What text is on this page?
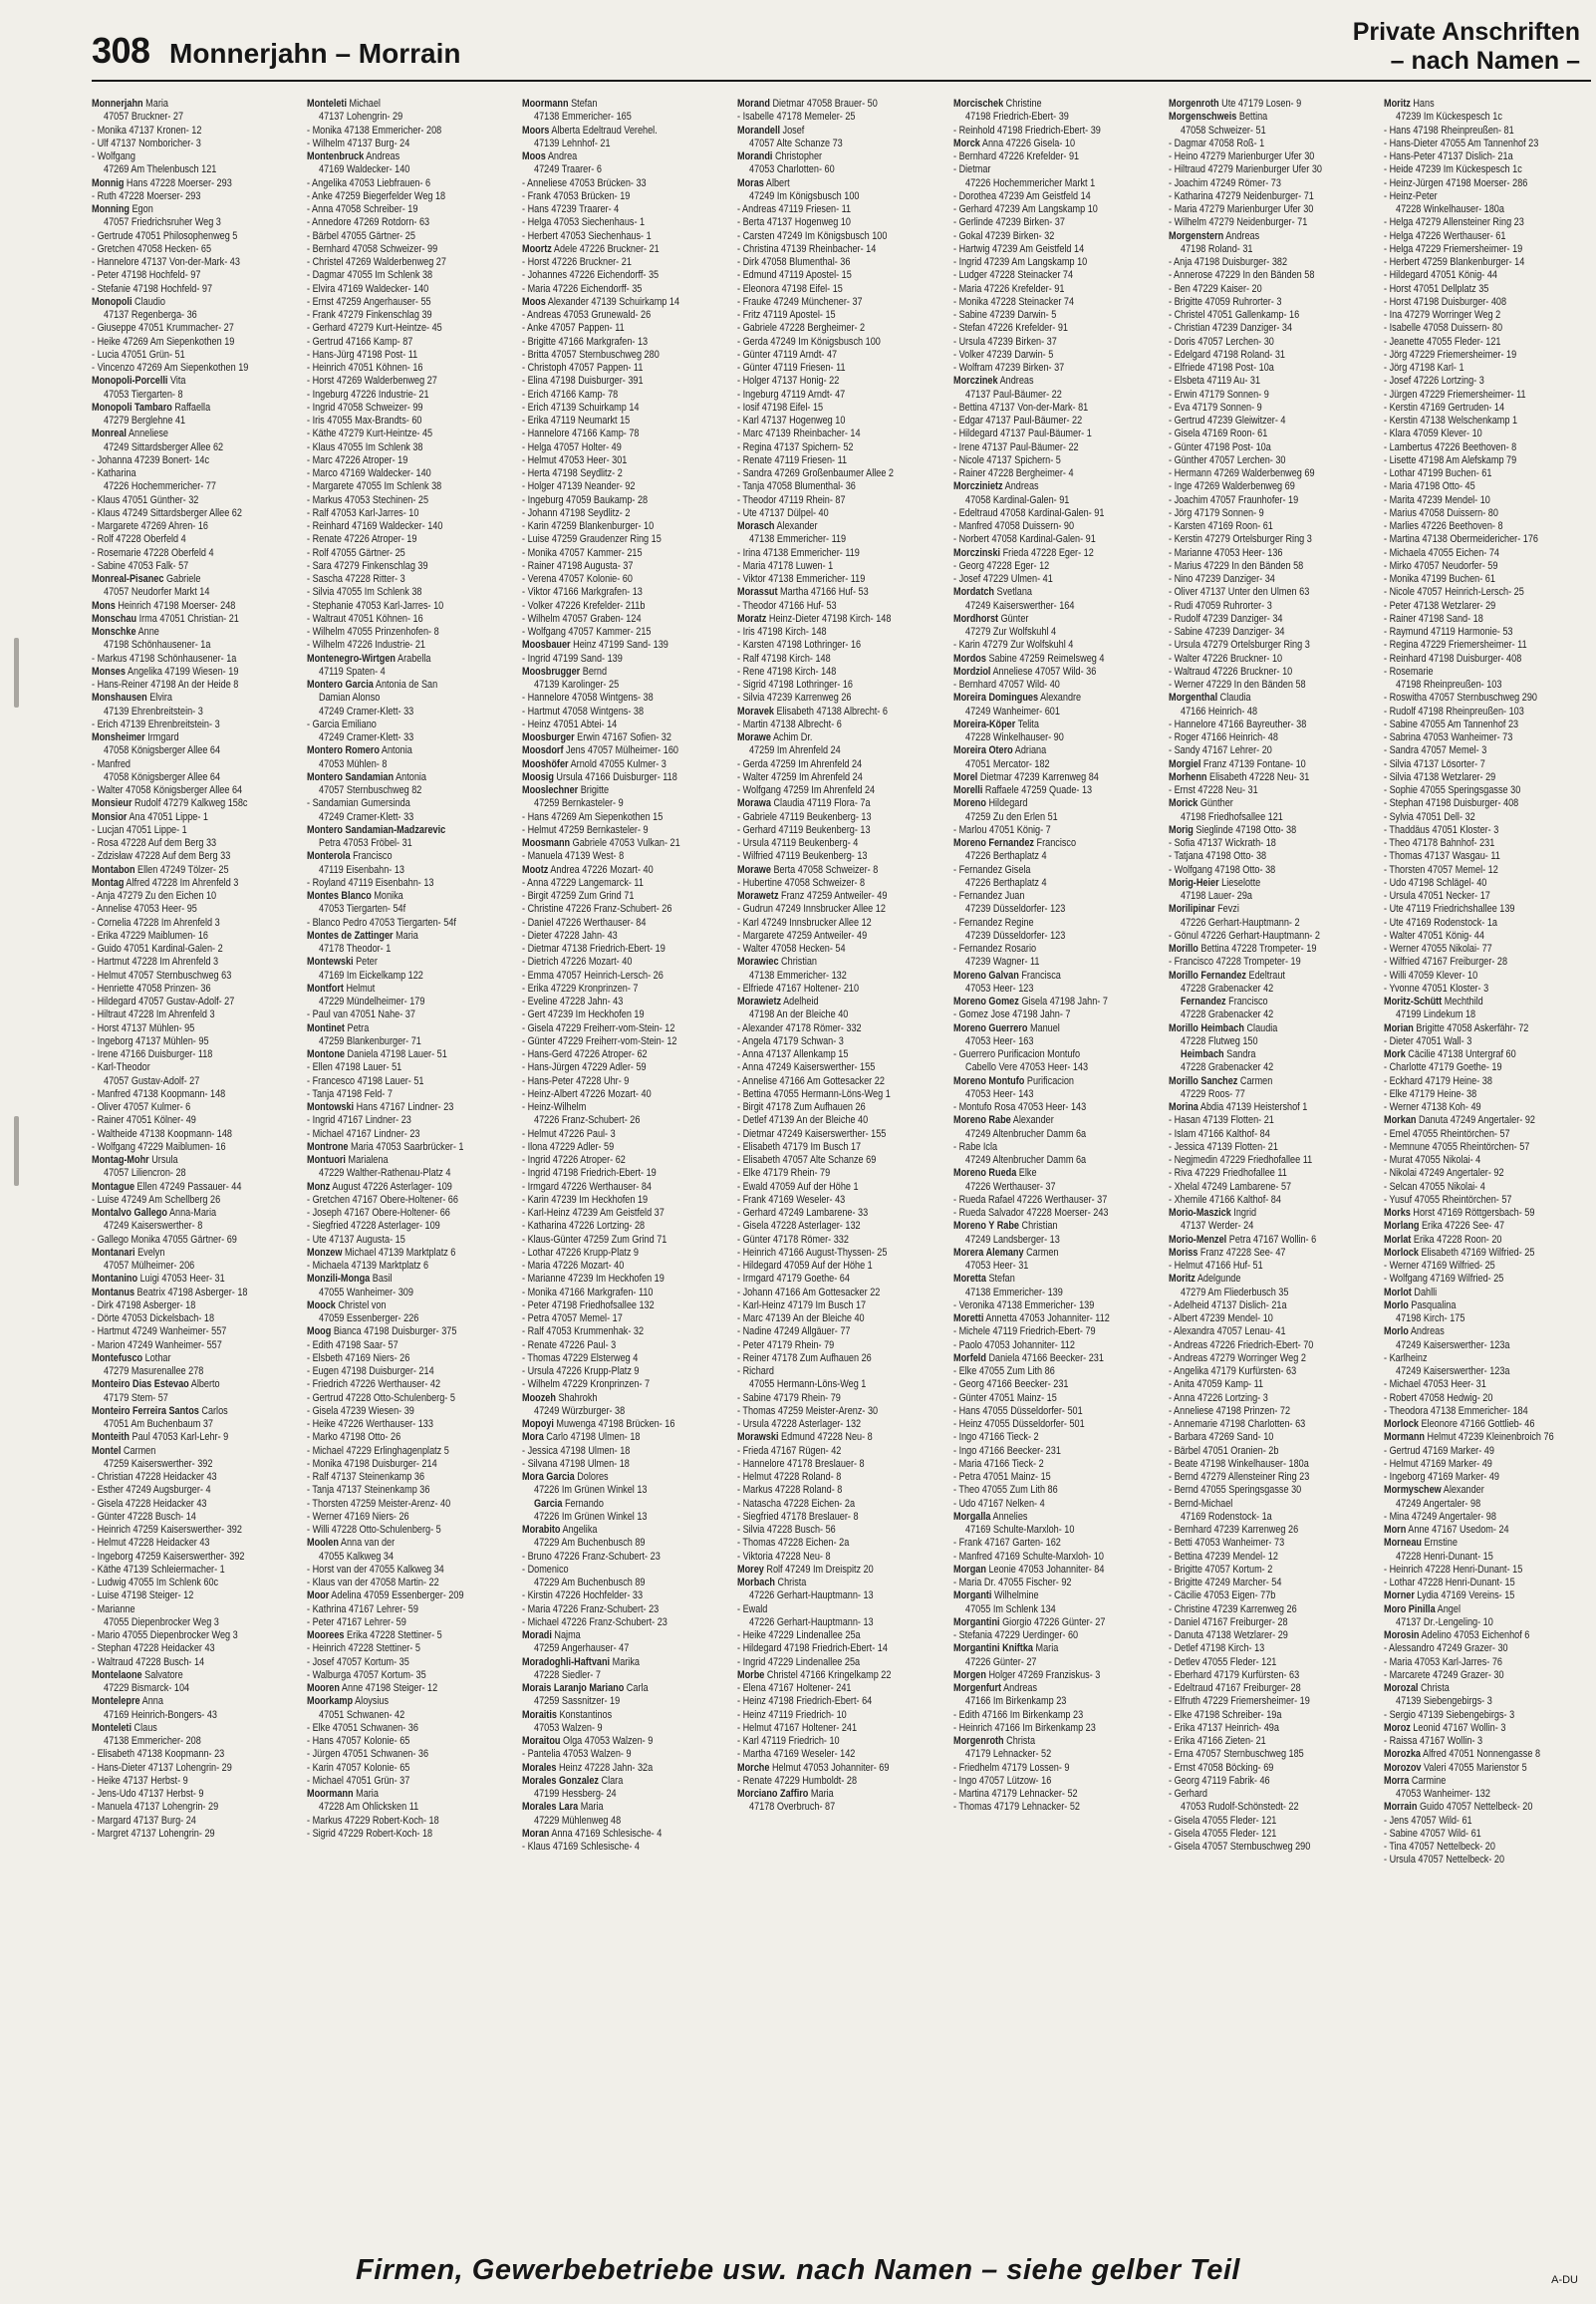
308 Monnerjahn – Morrain
Private Anschriften
– nach Namen –
Monnerjahn Maria
47057 Bruckner- 27
- Monika 47137 Kronen- 12
- Ulf 47137 Nomboricher- 3
- Wolfgang
47269 Am Thelenbusch 121
Monnig Hans 47228 Moerser- 293
- Ruth 47228 Moerser- 293
Monning Egon
47057 Friedrichsruher Weg 3
- Gertrude 47051 Philosophenweg 5
- Gretchen 47058 Hecken- 65
- Hannelore 47137 Von-der-Mark- 43
- Peter 47198 Hochfeld- 97
- Stefanie 47198 Hochfeld- 97
Monopoli Claudio
47137 Regenberga- 36
- Giuseppe 47051 Krummacher- 27
- Heike 47269 Am Siepenkothen 19
- Lucia 47051 Grün- 51
- Vincenzo 47269 Am Siepenkothen 19
Monopoli-Porcelli Vita
47053 Tiergarten- 8
Monopoli Tambaro Raffaella
47279 Berglehne 41
Monreal Anneliese
47249 Sittardsberger Allee 62
- Johanna 47239 Bonert- 14c
- Katharina
47226 Hochemmericher- 77
- Klaus 47051 Günther- 32
- Klaus 47249 Sittardsberger Allee 62
- Margarete 47269 Ahren- 16
- Rolf 47228 Oberfeld 4
- Rosemarie 47228 Oberfeld 4
- Sabine 47053 Falk- 57
Monreal-Pisanec Gabriele
47057 Neudorfer Markt 14
Mons Heinrich 47198 Moerser- 248
Monschau Irma 47051 Christian- 21
Monschke Anne
47198 Schönhausener- 1a
- Markus 47198 Schönhausener- 1a
Monses Angelika 47199 Wiesen- 19
- Hans-Reiner 47198 An der Heide 8
Monshausen Elvira
47139 Ehrenbreitstein- 3
- Erich 47139 Ehrenbreitstein- 3
Monsheimer Irmgard
47058 Königsberger Allee 64
- Manfred
47058 Königsberger Allee 64
- Walter 47058 Königsberger Allee 64
Monsieur Rudolf 47279 Kalkweg 158c
Monsior Ana 47051 Lippe- 1
- Lucjan 47051 Lippe- 1
- Rosa 47228 Auf dem Berg 33
- Zdzisław 47228 Auf dem Berg 33
Montabon Ellen 47249 Tölzer- 25
Montag Alfred 47228 Im Ahrenfeld 3
- Anja 47279 Zu den Eichen 10
- Annelise 47053 Heer- 95
- Cornelia 47228 Im Ahrenfeld 3
- Erika 47229 Maiblumen- 16
- Guido 47051 Kardinal-Galen- 2
- Hartmut 47228 Im Ahrenfeld 3
- Helmut 47057 Sternbuschweg 63
- Henriette 47058 Prinzen- 36
- Hildegard 47057 Gustav-Adolf- 27
- Hiltraut 47228 Im Ahrenfeld 3
- Horst 47137 Mühlen- 95
- Ingeborg 47137 Mühlen- 95
- Irene 47166 Duisburger- 118
- Karl-Theodor
47057 Gustav-Adolf- 27
- Manfred 47138 Koopmann- 148
- Oliver 47057 Kulmer- 6
- Rainer 47051 Kölner- 49
- Waltheide 47138 Koopmann- 148
- Wolfgang 47229 Maiblumen- 16
Montag-Mohr Ursula
47057 Liliencron- 28
Montague Ellen 47249 Passauer- 44
- Luise 47249 Am Schellberg 26
Montalvo Gallego Anna-Maria
47249 Kaiserswerther- 8
- Gallego Monika 47055 Gärtner- 69
Montanari Evelyn
47057 Mülheimer- 206
Montanino Luigi 47053 Heer- 31
Montanus Beatrix 47198 Asberger- 18
- Dirk 47198 Asberger- 18
- Dörte 47053 Dickelsbach- 18
- Hartmut 47249 Wanheimer- 557
- Marion 47249 Wanheimer- 557
Montefusco Lothar
47279 Masurenallee 278
Monteiro Dias Estevao Alberto
47179 Stem- 57
Monteiro Ferreira Santos Carlos
47051 Am Buchenbaum 37
Monteith Paul 47053 Karl-Lehr- 9
Montel Carmen
47259 Kaiserswerther- 392
- Christian 47228 Heidacker 43
- Esther 47249 Augsburger- 4
- Gisela 47228 Heidacker 43
- Günter 47228 Busch- 14
- Heinrich 47259 Kaiserswerther- 392
- Helmut 47228 Heidacker 43
- Ingeborg 47259 Kaiserswerther- 392
- Käthe 47139 Schleiermacher- 1
- Ludwig 47055 Im Schlenk 60c
- Luise 47198 Steiger- 12
- Marianne
47055 Diepenbrocker Weg 3
- Mario 47055 Diepenbrocker Weg 3
- Stephan 47228 Heidacker 43
- Waltraud 47228 Busch- 14
Montelaone Salvatore
47229 Bismarck- 104
Montelepre Anna
47169 Heinrich-Bongers- 43
Monteleti Claus
47138 Emmericher- 208
- Elisabeth 47138 Koopmann- 23
- Hans-Dieter 47137 Lohengrin- 29
- Heike 47137 Herbst- 9
- Jens-Udo 47137 Herbst- 9
- Manuela 47137 Lohengrin- 29
- Margard 47137 Burg- 24
- Margret 47137 Lohengrin- 29
Monteleti Michael
47137 Lohengrin- 29
- Monika 47138 Emmericher- 208
- Wilhelm 47137 Burg- 24
Montenbruck Andreas
47169 Waldecker- 140
- Angelika 47053 Liebfrauen- 6
- Anke 47259 Biegerfelder Weg 18
- Anna 47058 Schreiber- 19
- Annedore 47269 Rotdorn- 63
- Bärbel 47055 Gärtner- 25
- Bernhard 47058 Schweizer- 99
- Christel 47269 Walderbenweg 27
- Dagmar 47055 Im Schlenk 38
- Elvira 47169 Waldecker- 140
- Ernst 47259 Angerhauser- 55
- Frank 47279 Finkenschlag 39
- Gerhard 47279 Kurt-Heintze- 45
- Gertrud 47166 Kamp- 87
- Hans-Jürg 47198 Post- 11
- Heinrich 47051 Köhnen- 16
- Horst 47269 Walderbenweg 27
- Ingeburg 47226 Industrie- 21
- Ingrid 47058 Schweizer- 99
- Iris 47055 Max-Brandts- 60
- Käthe 47279 Kurt-Heintze- 45
- Klaus 47055 Im Schlenk 38
- Marc 47226 Atroper- 19
- Marco 47169 Waldecker- 140
- Margarete 47055 Im Schlenk 38
- Markus 47053 Stechinen- 25
- Ralf 47053 Karl-Jarres- 10
- Reinhard 47169 Waldecker- 140
- Renate 47226 Atroper- 19
- Rolf 47055 Gärtner- 25
- Sara 47279 Finkenschlag 39
- Sascha 47228 Ritter- 3
- Silvia 47055 Im Schlenk 38
- Stephanie 47053 Karl-Jarres- 10
- Waltraut 47051 Köhnen- 16
- Wilhelm 47055 Prinzenhofen- 8
- Wilhelm 47226 Industrie- 21
Montenegro-Wirtgen Arabella
47119 Spaten- 4
Montero Garcia Antonia de San
Damian Alonso
47249 Cramer-Klett- 33
- Garcia Emiliano
47249 Cramer-Klett- 33
Montero Romero Antonia
47053 Mühlen- 8
Montero Sandamian Antonia
47057 Sternbuschweg 82
- Sandamian Gumersinda
47249 Cramer-Klett- 33
Montero Sandamian-Madzarevic
Petra 47053 Fröbel- 31
Monterola Francisco
47119 Eisenbahn- 13
- Royland 47119 Eisenbahn- 13
Montes Blanco Monika
47053 Tiergarten- 54f
- Blanco Pedro 47053 Tiergarten- 54f
Montes de Zattinger Maria
47178 Theodor- 1
Montewski Peter
47169 Im Eickelkamp 122
Montfort Helmut
47229 Mündelheimer- 179
- Paul van 47051 Nahe- 37
Montinet Petra
47259 Blankenburger- 71
Montone Daniela 47198 Lauer- 51
- Ellen 47198 Lauer- 51
- Francesco 47198 Lauer- 51
- Tanja 47198 Feld- 7
Montowski Hans 47167 Lindner- 23
- Ingrid 47167 Lindner- 23
- Michael 47167 Lindner- 23
Montrone Maria 47053 Saarbrücker- 1
Montuori Marialena
47229 Walther-Rathenau-Platz 4
Monz August 47226 Asterlager- 109
- Gretchen 47167 Obere-Holtener- 66
- Joseph 47167 Obere-Holtener- 66
- Siegfried 47228 Asterlager- 109
- Ute 47137 Augusta- 15
Monzew Michael 47139 Marktplatz 6
- Michaela 47139 Marktplatz 6
Monzili-Monga Basil
47055 Wanheimer- 309
Moock Christel von
47059 Essenberger- 226
Moog Bianca 47198 Duisburger- 375
- Edith 47198 Saar- 57
- Elsbeth 47169 Niers- 26
- Eugen 47198 Duisburger- 214
- Friedrich 47226 Werthauser- 42
- Gertrud 47228 Otto-Schulenberg- 5
- Gisela 47239 Wiesen- 39
- Heike 47226 Werthauser- 133
- Marko 47198 Otto- 26
- Michael 47229 Erlinghagenplatz 5
- Monika 47198 Duisburger- 214
- Ralf 47137 Steinenkamp 36
- Tanja 47137 Steinenkamp 36
- Thorsten 47259 Meister-Arenz- 40
- Werner 47169 Niers- 26
- Willi 47228 Otto-Schulenberg- 5
Moolen Anna van der
47055 Kalkweg 34
- Horst van der 47055 Kalkweg 34
- Klaus van der 47058 Martin- 22
Moor Adelina 47059 Essenberger- 209
- Kathrina 47167 Lehrer- 59
- Peter 47167 Lehrer- 59
Moorees Erika 47228 Stettiner- 5
- Heinrich 47228 Stettiner- 5
- Josef 47057 Kortum- 35
- Walburga 47057 Kortum- 35
Mooren Anne 47198 Steiger- 12
Moorkamp Aloysius
47051 Schwanen- 42
- Elke 47051 Schwanen- 36
- Hans 47057 Kolonie- 65
- Jürgen 47051 Schwanen- 36
- Karin 47057 Kolonie- 65
- Michael 47051 Grün- 37
Moormann Maria
47228 Am Ohlicksken 11
- Markus 47229 Robert-Koch- 18
- Sigrid 47229 Robert-Koch- 18
Moormann Stefan
47138 Emmericher- 165
Moors Alberta Edeltraud Verehel.
47139 Lehnhof- 21
Moos Andrea
47249 Traarer- 6
- Anneliese 47053 Brücken- 33
- Frank 47053 Brücken- 19
- Hans 47239 Traarer- 4
- Helga 47053 Siechenhaus- 1
- Herbert 47053 Siechenhaus- 1
Moortz Adele 47226 Bruckner- 21
- Horst 47226 Bruckner- 21
- Johannes 47226 Eichendorff- 35
- Maria 47226 Eichendorff- 35
Moos Alexander 47139 Schuirkamp 14
- Andreas 47053 Grunewald- 26
- Anke 47057 Pappen- 11
- Brigitte 47166 Markgrafen- 13
- Britta 47057 Sternbuschweg 280
- Christoph 47057 Pappen- 11
- Elina 47198 Duisburger- 391
- Erich 47166 Kamp- 78
- Erich 47139 Schuirkamp 14
- Erika 47119 Neumarkt 15
- Hannelore 47166 Kamp- 78
- Helga 47057 Holter- 49
- Helmut 47053 Heer- 301
- Herta 47198 Seydlitz- 2
- Holger 47139 Neander- 92
- Ingeburg 47059 Baukamp- 28
- Johann 47198 Seydlitz- 2
- Karin 47259 Blankenburger- 10
- Luise 47259 Graudenzer Ring 15
- Monika 47057 Kammer- 215
- Rainer 47198 Augusta- 37
- Verena 47057 Kolonie- 60
- Viktor 47166 Markgrafen- 13
- Volker 47226 Krefelder- 211b
- Wilhelm 47057 Graben- 124
- Wolfgang 47057 Kammer- 215
Moosbauer Heinz 47199 Sand- 139
- Ingrid 47199 Sand- 139
Moosbrugger Bernd
47139 Karolinger- 25
- Hannelore 47058 Wintgens- 38
- Hartmut 47058 Wintgens- 38
- Heinz 47051 Abtei- 14
Moosburger Erwin 47167 Sofien- 32
Moosdorf Jens 47057 Mülheimer- 160
Mooshöfer Arnold 47055 Kulmer- 3
Moosig Ursula 47166 Duisburger- 118
Mooslechner Brigitte
47259 Bernkasteler- 9
- Hans 47269 Am Siepenkothen 15
- Helmut 47259 Bernkasteler- 9
Moosmann Gabriele 47053 Vulkan- 21
- Manuela 47139 West- 8
Mootz Andrea 47226 Mozart- 40
- Anna 47229 Langemarck- 11
- Birgit 47259 Zum Grind 71
- Christine 47226 Franz-Schubert- 26
- Daniel 47226 Werthauser- 84
- Dieter 47228 Jahn- 43
- Dietmar 47138 Friedrich-Ebert- 19
- Dietrich 47226 Mozart- 40
- Emma 47057 Heinrich-Lersch- 26
- Erika 47229 Kronprinzen- 7
- Eveline 47228 Jahn- 43
- Gert 47239 Im Heckhofen 19
- Gisela 47229 Freiherr-vom-Stein- 12
- Günter 47229 Freiherr-vom-Stein- 12
- Hans-Gerd 47226 Atroper- 62
- Hans-Jürgen 47229 Adler- 59
- Hans-Peter 47228 Uhr- 9
- Heinz-Albert 47226 Mozart- 40
- Heinz-Wilhelm
47226 Franz-Schubert- 26
- Helmut 47226 Paul- 3
- Ilona 47229 Adler- 59
- Ingrid 47226 Atroper- 62
- Ingrid 47198 Friedrich-Ebert- 19
- Irmgard 47226 Werthauser- 84
- Karin 47239 Im Heckhofen 19
- Karl-Heinz 47239 Am Geistfeld 37
- Katharina 47226 Lortzing- 28
- Klaus-Günter 47259 Zum Grind 71
- Lothar 47226 Krupp-Platz 9
- Maria 47226 Mozart- 40
- Marianne 47239 Im Heckhofen 19
- Monika 47166 Markgrafen- 110
- Peter 47198 Friedhofsallee 132
- Petra 47057 Memel- 17
- Ralf 47053 Krummenhak- 32
- Renate 47226 Paul- 3
- Thomas 47229 Elsterweg 4
- Ursula 47226 Krupp-Platz 9
- Wilhelm 47229 Kronprinzen- 7
Moozeh Shahrokh
47249 Würzburger- 38
Mopoyi Muwenga 47198 Brücken- 16
Mora Carlo 47198 Ulmen- 18
- Jessica 47198 Ulmen- 18
- Silvana 47198 Ulmen- 18
Mora Garcia Dolores
47226 Im Grünen Winkel 13
Garcia Fernando
47226 Im Grünen Winkel 13
Morabito Angelika
47229 Am Buchenbusch 89
- Bruno 47226 Franz-Schubert- 23
- Domenico
47229 Am Buchenbusch 89
- Kirstin 47226 Hochfelder- 33
- Maria 47226 Franz-Schubert- 23
- Michael 47226 Franz-Schubert- 23
Moradi Najma
47259 Angerhauser- 47
Moradoghli-Haftvani Marika
47228 Siedler- 7
Morais Laranjo Mariano Carla
47259 Sassnitzer- 19
Moraitis Konstantinos
47053 Walzen- 9
Moraitou Olga 47053 Walzen- 9
- Pantelia 47053 Walzen- 9
Morales Heinz 47228 Jahn- 32a
Morales Gonzalez Clara
47199 Hessberg- 24
Morales Lara Maria
47229 Mühlenweg 48
Moran Anna 47169 Schlesische- 4
- Klaus 47169 Schlesische- 4
Morand Dietmar 47058 Brauer- 50
- Isabelle 47178 Memeler- 25
Morandell Josef
47057 Alte Schanze 73
Morandi Christopher
47053 Charlotten- 60
Moras Albert
47249 Im Königsbusch 100
- Andreas 47119 Friesen- 11
- Berta 47137 Hogenweg 10
- Carsten 47249 Im Königsbusch 100
- Christina 47139 Rheinbacher- 14
- Dirk 47058 Blumenthal- 36
- Edmund 47119 Apostel- 15
- Eleonora 47198 Eifel- 15
- Frauke 47249 Münchener- 37
- Fritz 47119 Apostel- 15
- Gabriele 47228 Bergheimer- 2
- Gerda 47249 Im Königsbusch 100
- Günter 47119 Arndt- 47
- Günter 47119 Friesen- 11
- Holger 47137 Honig- 22
- Ingeburg 47119 Arndt- 47
- Iosif 47198 Eifel- 15
- Karl 47137 Hogenweg 10
- Marc 47139 Rheinbacher- 14
- Regina 47137 Spichern- 52
- Renate 47119 Friesen- 11
- Sandra 47269 Großenbaumer Allee 2
- Tanja 47058 Blumenthal- 36
- Theodor 47119 Rhein- 87
- Ute 47137 Dülpel- 40
Morasch Alexander
47138 Emmericher- 119
- Irina 47138 Emmericher- 119
- Maria 47178 Luwen- 1
- Viktor 47138 Emmericher- 119
Morassut Martha 47166 Huf- 53
- Theodor 47166 Huf- 53
Moratz Heinz-Dieter 47198 Kirch- 148
- Iris 47198 Kirch- 148
- Karsten 47198 Lothringer- 16
- Ralf 47198 Kirch- 148
- Rene 47198 Kirch- 148
- Sigrid 47198 Lothringer- 16
- Silvia 47239 Karrenweg 26
Moravek Elisabeth 47138 Albrecht- 6
- Martin 47138 Albrecht- 6
Morawe Achim Dr.
47259 Im Ahrenfeld 24
- Gerda 47259 Im Ahrenfeld 24
- Walter 47259 Im Ahrenfeld 24
- Wolfgang 47259 Im Ahrenfeld 24
Morawa Claudia 47119 Flora- 7a
- Gabriele 47119 Beukenberg- 13
- Gerhard 47119 Beukenberg- 13
- Ursula 47119 Beukenberg- 4
- Wilfried 47119 Beukenberg- 13
Morawe Berta 47058 Schweizer- 8
- Hubertine 47058 Schweizer- 8
Morawetz Franz 47259 Antweiler- 49
- Gudrun 47249 Innsbrucker Allee 12
- Karl 47249 Innsbrucker Allee 12
- Margarete 47259 Antweiler- 49
- Walter 47058 Hecken- 54
Morawiec Christian
47138 Emmericher- 132
- Elfriede 47167 Holtener- 210
Morawietz Adelheid
47198 An der Bleiche 40
- Alexander 47178 Römer- 332
- Angela 47179 Schwan- 3
- Anna 47137 Allenkamp 15
- Anna 47249 Kaiserswerther- 155
- Annelise 47166 Am Gottesacker 22
- Bettina 47055 Hermann-Löns-Weg 1
- Birgit 47178 Zum Aufhauen 26
- Detlef 47139 An der Bleiche 40
- Dietmar 47249 Kaiserswerther- 155
- Elisabeth 47179 Im Busch 17
- Elisabeth 47057 Alte Schanze 69
- Elke 47179 Rhein- 79
- Ewald 47059 Auf der Höhe 1
- Frank 47169 Weseler- 43
- Gerhard 47249 Lambarene- 33
- Gisela 47228 Asterlager- 132
- Günter 47178 Römer- 332
- Heinrich 47166 August-Thyssen- 25
- Hildegard 47059 Auf der Höhe 1
- Irmgard 47179 Goethe- 64
- Johann 47166 Am Gottesacker 22
- Karl-Heinz 47179 Im Busch 17
- Marc 47139 An der Bleiche 40
- Nadine 47249 Allgäuer- 77
- Peter 47179 Rhein- 79
- Reiner 47178 Zum Aufhauen 26
- Richard
47055 Hermann-Löns-Weg 1
- Sabine 47179 Rhein- 79
- Thomas 47259 Meister-Arenz- 30
- Ursula 47228 Asterlager- 132
Morawski Edmund 47228 Neu- 8
- Frieda 47167 Rügen- 42
- Hannelore 47178 Breslauer- 8
- Helmut 47228 Roland- 8
- Markus 47228 Roland- 8
- Natascha 47228 Eichen- 2a
- Siegfried 47178 Breslauer- 8
- Silvia 47228 Busch- 56
- Thomas 47228 Eichen- 2a
- Viktoria 47228 Neu- 8
Morey Rolf 47249 Im Dreispitz 20
Morbach Christa
47226 Gerhart-Hauptmann- 13
- Ewald
47226 Gerhart-Hauptmann- 13
- Heike 47229 Lindenallee 25a
- Hildegard 47198 Friedrich-Ebert- 14
- Ingrid 47229 Lindenallee 25a
Morbe Christel 47166 Kringelkamp 22
- Elena 47167 Holtener- 241
- Heinz 47198 Friedrich-Ebert- 64
- Heinz 47119 Friedrich- 10
- Helmut 47167 Holtener- 241
- Karl 47119 Friedrich- 10
- Martha 47169 Weseler- 142
Morche Helmut 47053 Johanniter- 69
- Renate 47229 Humboldt- 28
Morciano Zaffiro Maria
47178 Overbruch- 87
Morcischek Christine
47198 Friedrich-Ebert- 39
- Reinhold 47198 Friedrich-Ebert- 39
Morck Anna 47226 Gisela- 10
- Bernhard 47226 Krefelder- 91
- Dietmar
47226 Hochemmericher Markt 1
- Dorothea 47239 Am Geistfeld 14
- Gerhard 47239 Am Langskamp 10
- Gerlinde 47239 Birken- 37
- Gokal 47239 Birken- 32
- Hartwig 47239 Am Geistfeld 14
- Ingrid 47239 Am Langskamp 10
- Ludger 47228 Steinacker 74
- Maria 47226 Krefelder- 91
- Monika 47228 Steinacker 74
- Sabine 47239 Darwin- 5
- Stefan 47226 Krefelder- 91
- Ursula 47239 Birken- 37
- Volker 47239 Darwin- 5
- Wolfram 47239 Birken- 37
Morczinek Andreas
47137 Paul-Bäumer- 22
- Bettina 47137 Von-der-Mark- 81
- Edgar 47137 Paul-Bäumer- 22
- Hildegard 47137 Paul-Bäumer- 1
- Irene 47137 Paul-Bäumer- 22
- Nicole 47137 Spichern- 5
- Rainer 47228 Bergheimer- 4
Morczinietz Andreas
47058 Kardinal-Galen- 91
- Edeltraud 47058 Kardinal-Galen- 91
- Manfred 47058 Duissern- 90
- Norbert 47058 Kardinal-Galen- 91
Morczinski Frieda 47228 Eger- 12
- Georg 47228 Eger- 12
- Josef 47229 Ulmen- 41
Mordatch Svetlana
47249 Kaiserswerther- 164
Mordhorst Günter
47279 Zur Wolfskuhl 4
- Karin 47279 Zur Wolfskuhl 4
Mordos Sabine 47259 Reimelsweg 4
Mordziol Anneliese 47057 Wild- 36
- Bernhard 47057 Wild- 40
Moreira Domingues Alexandre
47249 Wanheimer- 601
Moreira-Köper Telita
47228 Winkelhauser- 90
Moreira Otero Adriana
47051 Mercator- 182
Morel Dietmar 47239 Karrenweg 84
Morelli Raffaele 47259 Quade- 13
Moreno Hildegard
47259 Zu den Erlen 51
- Marlou 47051 König- 7
Moreno Fernandez Francisco
47226 Berthaplatz 4
- Fernandez Gisela
47226 Berthaplatz 4
- Fernandez Juan
47239 Düsseldorfer- 123
- Fernandez Regine
47239 Düsseldorfer- 123
- Fernandez Rosario
47239 Wagner- 11
Moreno Galvan Francisca
47053 Heer- 123
Moreno Gomez Gisela 47198 Jahn- 7
- Gomez Jose 47198 Jahn- 7
Moreno Guerrero Manuel
47053 Heer- 163
- Guerrero Purificacion Montufo
Cabello Vere 47053 Heer- 143
Moreno Montufo Purificacion
47053 Heer- 143
- Montufo Rosa 47053 Heer- 143
Moreno Rabe Alexander
47249 Altenbrucher Damm 6a
- Rabe Icla
47249 Altenbrucher Damm 6a
Moreno Rueda Elke
47226 Werthauser- 37
- Rueda Rafael 47226 Werthauser- 37
- Rueda Salvador 47228 Moerser- 243
Moreno Y Rabe Christian
47249 Landsberger- 13
Morera Alemany Carmen
47053 Heer- 31
Moretta Stefan
47138 Emmericher- 139
- Veronika 47138 Emmericher- 139
Moretti Annetta 47053 Johanniter- 112
- Michele 47119 Friedrich-Ebert- 79
- Paolo 47053 Johanniter- 112
Morfeld Daniela 47166 Beecker- 231
- Elke 47055 Zum Lith 86
- Georg 47166 Beecker- 231
- Günter 47051 Mainz- 15
- Hans 47055 Düsseldorfer- 501
- Heinz 47055 Düsseldorfer- 501
- Ingo 47166 Tieck- 2
- Ingo 47166 Beecker- 231
- Maria 47166 Tieck- 2
- Petra 47051 Mainz- 15
- Theo 47055 Zum Lith 86
- Udo 47167 Nelken- 4
Morgalla Annelies
47169 Schulte-Marxloh- 10
- Frank 47167 Garten- 162
- Manfred 47169 Schulte-Marxloh- 10
Morgan Leonie 47053 Johanniter- 84
- Maria Dr. 47055 Fischer- 92
Morganti Wilhelmine
47055 Im Schlenk 134
Morgantini Giorgio 47226 Günter- 27
- Stefania 47229 Uerdinger- 60
Morgantini Kniftka Maria
47226 Günter- 27
Morgen Holger 47269 Franziskus- 3
Morgenfurt Andreas
47166 Im Birkenkamp 23
- Edith 47166 Im Birkenkamp 23
- Heinrich 47166 Im Birkenkamp 23
Morgenroth Christa
47179 Lehnacker- 52
- Friedhelm 47179 Lossen- 9
- Ingo 47057 Lützow- 16
- Martina 47179 Lehnacker- 52
- Thomas 47179 Lehnacker- 52
Morgenroth Ute 47179 Losen- 9
Morgenschweis Bettina
47058 Schweizer- 51
- Dagmar 47058 Roß- 1
- Heino 47279 Marienburger Ufer 30
- Hiltraud 47279 Marienburger Ufer 30
- Joachim 47249 Römer- 73
- Katharina 47279 Neidenburger- 71
- Maria 47279 Marienburger Ufer 30
- Wilhelm 47279 Neidenburger- 71
Morgenstern Andreas
47198 Roland- 31
- Anja 47198 Duisburger- 382
- Annerose 47229 In den Bänden 58
- Ben 47229 Kaiser- 20
- Brigitte 47059 Ruhrorter- 3
- Christel 47051 Gallenkamp- 16
- Christian 47239 Danziger- 34
- Doris 47057 Lerchen- 30
- Edelgard 47198 Roland- 31
- Elfriede 47198 Post- 10a
- Elsbeta 47119 Au- 31
- Erwin 47179 Sonnen- 9
- Eva 47179 Sonnen- 9
- Gertrud 47239 Gleiwitzer- 4
- Gisela 47169 Roon- 61
- Günter 47198 Post- 10a
- Günther 47057 Lerchen- 30
- Hermann 47269 Walderbenweg 69
- Inge 47269 Walderbenweg 69
- Joachim 47057 Fraunhofer- 19
- Jörg 47179 Sonnen- 9
- Karsten 47169 Roon- 61
- Kerstin 47279 Ortelsburger Ring 3
- Marianne 47053 Heer- 136
- Marius 47229 In den Bänden 58
- Nino 47239 Danziger- 34
- Oliver 47137 Unter den Ulmen 63
- Rudi 47059 Ruhrorter- 3
- Rudolf 47239 Danziger- 34
- Sabine 47239 Danziger- 34
- Ursula 47279 Ortelsburger Ring 3
- Walter 47226 Bruckner- 10
- Waltraud 47226 Bruckner- 10
- Werner 47229 In den Bänden 58
Morgenthal Claudia
47166 Heinrich- 48
- Hannelore 47166 Bayreuther- 38
- Roger 47166 Heinrich- 48
- Sandy 47167 Lehrer- 20
Morgiel Franz 47139 Fontane- 10
Morhenn Elisabeth 47228 Neu- 31
- Ernst 47228 Neu- 31
Morick Günther
47198 Friedhofsallee 121
Morig Sieglinde 47198 Otto- 38
- Sofia 47137 Wickrath- 18
- Tatjana 47198 Otto- 38
- Wolfgang 47198 Otto- 38
Morig-Heier Lieselotte
47198 Lauer- 29a
Morilipinar Fevzi
47226 Gerhart-Hauptmann- 2
- Gönul 47226 Gerhart-Hauptmann- 2
Morillo Bettina 47228 Trompeter- 19
- Francisco 47228 Trompeter- 19
Morillo Fernandez Edeltraut
47228 Grabenacker 42
Fernandez Francisco
47228 Grabenacker 42
Morillo Heimbach Claudia
47228 Flutweg 150
Heimbach Sandra
47228 Grabenacker 42
Morillo Sanchez Carmen
47229 Roos- 77
Morina Abdia 47139 Heistershof 1
- Hasan 47139 Flotten- 21
- Islam 47166 Kalthof- 84
- Jessica 47139 Flotten- 21
- Negjmedin 47229 Friedhofallee 11
- Riva 47229 Friedhofallee 11
- Xhelal 47249 Lambarene- 57
- Xhemile 47166 Kalthof- 84
Morio-Maszick Ingrid
47137 Werder- 24
Morio-Menzel Petra 47167 Wollin- 6
Moriss Franz 47228 See- 47
- Helmut 47166 Huf- 51
Moritz Adelgunde
47279 Am Fliederbusch 35
- Adelheid 47137 Dislich- 21a
- Albert 47239 Mendel- 10
- Alexandra 47057 Lenau- 41
- Andreas 47226 Friedrich-Ebert- 70
- Andreas 47279 Worringer Weg 2
- Angelika 47179 Kurfürsten- 63
- Anita 47059 Kamp- 11
- Anna 47226 Lortzing- 3
- Anneliese 47198 Prinzen- 72
- Annemarie 47198 Charlotten- 63
- Barbara 47269 Sand- 10
- Bärbel 47051 Oranien- 2b
- Beate 47198 Winkelhauser- 180a
- Bernd 47279 Allensteiner Ring 23
- Bernd 47055 Speringsgasse 30
- Bernd-Michael
47169 Rodenstock- 1a
- Bernhard 47239 Karrenweg 26
- Betti 47053 Wanheimer- 73
- Bettina 47239 Mendel- 12
- Brigitte 47057 Kortum- 2
- Brigitte 47249 Marcher- 54
- Cäcilie 47053 Eigen- 77b
- Christine 47239 Karrenweg 26
- Daniel 47167 Freiburger- 28
- Danuta 47138 Wetzlarer- 29
- Detlef 47198 Kirch- 13
- Detlev 47055 Fleder- 121
- Eberhard 47179 Kurfürsten- 63
- Edeltraud 47167 Freiburger- 28
- Elfruth 47229 Friemersheimer- 19
- Elke 47198 Schreiber- 19a
- Erika 47137 Heinrich- 49a
- Erika 47166 Zieten- 21
- Erna 47057 Sternbuschweg 185
- Ernst 47058 Böcking- 69
- Georg 47119 Fabrik- 46
- Gerhard
47053 Rudolf-Schönstedt- 22
- Gisela 47055 Fleder- 121
- Gisela 47055 Fleder- 121
- Gisela 47057 Sternbuschweg 290
Moritz Hans
47239 Im Kückespesch 1c
- Hans 47198 Rheinpreußen- 81
- Hans-Dieter 47055 Am Tannenhof 23
- Hans-Peter 47137 Dislich- 21a
- Heide 47239 Im Kückespesch 1c
- Heinz-Jürgen 47198 Moerser- 286
- Heinz-Peter
47228 Winkelhauser- 180a
- Helga 47279 Allensteiner Ring 23
- Helga 47226 Werthauser- 61
- Helga 47229 Friemersheimer- 19
- Herbert 47259 Blankenburger- 14
- Hildegard 47051 König- 44
- Horst 47051 Dellplatz 35
- Horst 47198 Duisburger- 408
- Ina 47279 Worringer Weg 2
- Isabelle 47058 Duissern- 80
- Jeanette 47055 Fleder- 121
- Jörg 47229 Friemersheimer- 19
- Jörg 47198 Karl- 1
- Josef 47226 Lortzing- 3
- Jürgen 47229 Friemersheimer- 11
- Kerstin 47169 Gertruden- 14
- Kerstin 47138 Welschenkamp 1
- Klara 47059 Klever- 10
- Lambertus 47226 Beethoven- 8
- Lisette 47198 Am Alefskamp 79
- Lothar 47199 Buchen- 61
- Maria 47198 Otto- 45
- Marita 47239 Mendel- 10
- Marius 47058 Duissern- 80
- Marlies 47226 Beethoven- 8
- Martina 47138 Obermeidericher- 176
- Michaela 47055 Eichen- 74
- Mirko 47057 Neudorfer- 59
- Monika 47199 Buchen- 61
- Nicole 47057 Heinrich-Lersch- 25
- Peter 47138 Wetzlarer- 29
- Rainer 47198 Sand- 18
- Raymund 47119 Harmonie- 53
- Regina 47229 Friemersheimer- 11
- Reinhard 47198 Duisburger- 408
- Rosemarie
47198 Rheinpreußen- 103
- Roswitha 47057 Sternbuschweg 290
- Rudolf 47198 Rheinpreußen- 103
- Sabine 47055 Am Tannenhof 23
- Sabrina 47053 Wanheimer- 73
- Sandra 47057 Memel- 3
- Silvia 47137 Lösorter- 7
- Silvia 47138 Wetzlarer- 29
- Sophie 47055 Speringsgasse 30
- Stephan 47198 Duisburger- 408
- Sylvia 47051 Dell- 32
- Thaddäus 47051 Kloster- 3
- Theo 47178 Bahnhof- 231
- Thomas 47137 Wasgau- 11
- Thorsten 47057 Memel- 12
- Udo 47198 Schlägel- 40
- Ursula 47051 Necker- 17
- Ute 47119 Friedrichshallee 139
- Ute 47169 Rodenstock- 1a
- Walter 47051 König- 44
- Werner 47055 Nikolai- 77
- Wilfried 47167 Freiburger- 28
- Willi 47059 Klever- 10
- Yvonne 47051 Kloster- 3
Moritz-Schütt Mechthild
47199 Lindekum 18
Morian Brigitte 47058 Askerfähr- 72
- Dieter 47051 Wall- 3
Mork Cäcilie 47138 Untergraf 60
- Charlotte 47179 Goethe- 19
- Eckhard 47179 Heine- 38
- Elke 47179 Heine- 38
- Werner 47138 Koh- 49
Morkan Danuta 47249 Angertaler- 92
- Emel 47055 Rheintörchen- 57
- Memnune 47055 Rheintörchen- 57
- Murat 47055 Nikolai- 4
- Nikolai 47249 Angertaler- 92
- Selcan 47055 Nikolai- 4
- Yusuf 47055 Rheintörchen- 57
Morks Horst 47169 Röttgersbach- 59
Morlang Erika 47226 See- 47
Morlat Erika 47228 Roon- 20
Morlock Elisabeth 47169 Wilfried- 25
- Werner 47169 Wilfried- 25
- Wolfgang 47169 Wilfried- 25
Morlot Dahlli
Morlo Pasqualina
47198 Kirch- 175
Morlo Andreas
47249 Kaiserswerther- 123a
- Karlheinz
47249 Kaiserswerther- 123a
- Michael 47053 Heer- 31
- Robert 47058 Hedwig- 20
- Theodora 47138 Emmericher- 184
Morlock Eleonore 47166 Gottlieb- 46
Mormann Helmut 47239 Kleinenbroich 76
- Gertrud 47169 Marker- 49
- Helmut 47169 Marker- 49
- Ingeborg 47169 Marker- 49
Mormyschew Alexander
47249 Angertaler- 98
- Mina 47249 Angertaler- 98
Morn Anne 47167 Usedom- 24
Morneau Ernstine
47228 Henri-Dunant- 15
- Heinrich 47228 Henri-Dunant- 15
- Lothar 47228 Henri-Dunant- 15
Morner Lydia 47169 Vereins- 15
Moro Pinilla Angel
47137 Dr.-Lengeling- 10
Morosin Adelino 47053 Eichenhof 6
- Alessandro 47249 Grazer- 30
- Maria 47053 Karl-Jarres- 76
- Marcarete 47249 Grazer- 30
Morozal Christa
47139 Siebengebirgs- 3
- Sergio 47139 Siebengebirgs- 3
Moroz Leonid 47167 Wollin- 3
- Raissa 47167 Wollin- 3
Morozka Alfred 47051 Nonnengasse 8
Morozov Valeri 47055 Marienstor 5
Morra Carmine
47053 Wanheimer- 132
Morrain Guido 47057 Nettelbeck- 20
- Jens 47057 Wild- 61
- Sabine 47057 Wild- 61
- Tina 47057 Nettelbeck- 20
- Ursula 47057 Nettelbeck- 20
Firmen, Gewerbebetriebe usw. nach Namen – siehe gelber Teil	A-DU
